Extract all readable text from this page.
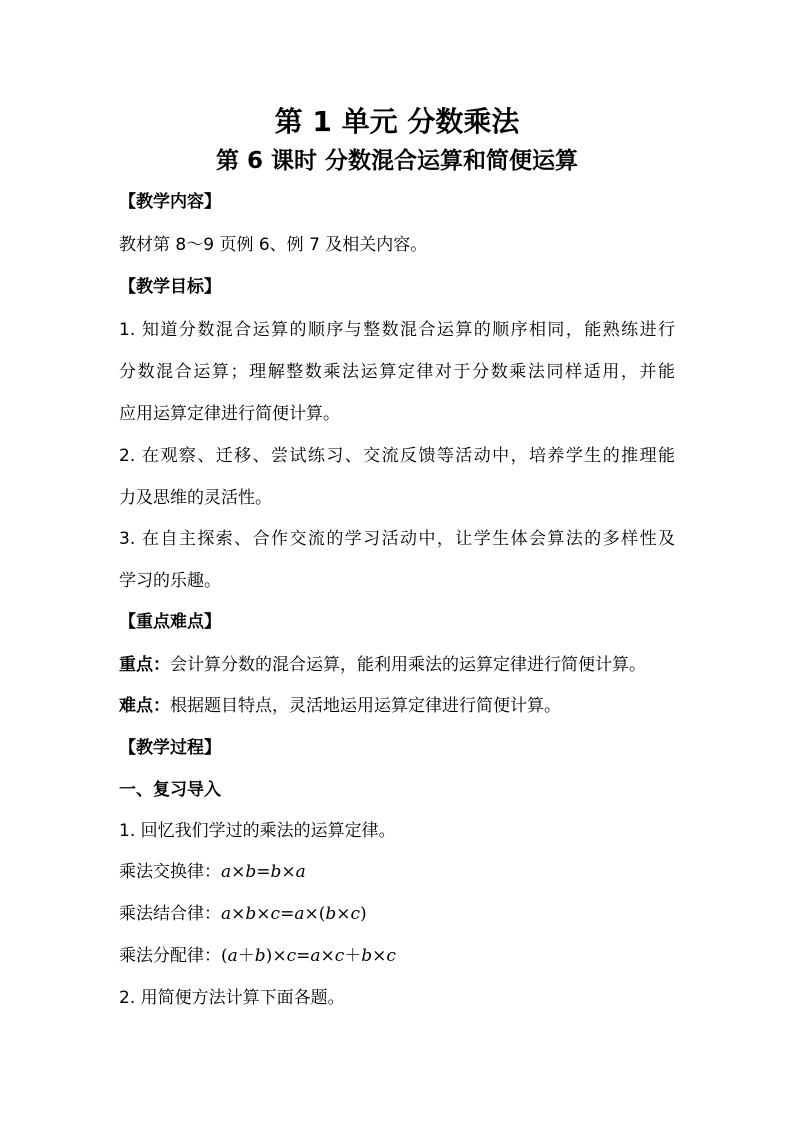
第 1 单元 分数乘法
第 6 课时 分数混合运算和简便运算
【教学内容】
教材第 8～9 页例 6、例 7 及相关内容。
【教学目标】
1. 知道分数混合运算的顺序与整数混合运算的顺序相同，能熟练进行
分数混合运算；理解整数乘法运算定律对于分数乘法同样适用，并能
应用运算定律进行简便计算。
2. 在观察、迁移、尝试练习、交流反馈等活动中，培养学生的推理能
力及思维的灵活性。
3. 在自主探索、合作交流的学习活动中，让学生体会算法的多样性及
学习的乐趣。
【重点难点】
重点：会计算分数的混合运算，能利用乘法的运算定律进行简便计算。
难点：根据题目特点，灵活地运用运算定律进行简便计算。
【教学过程】
一、复习导入
1. 回忆我们学过的乘法的运算定律。
乘法交换律：a×b=b×a
乘法结合律：a×b×c=a×(b×c)
乘法分配律：(a＋b)×c=a×c＋b×c
2. 用简便方法计算下面各题。
